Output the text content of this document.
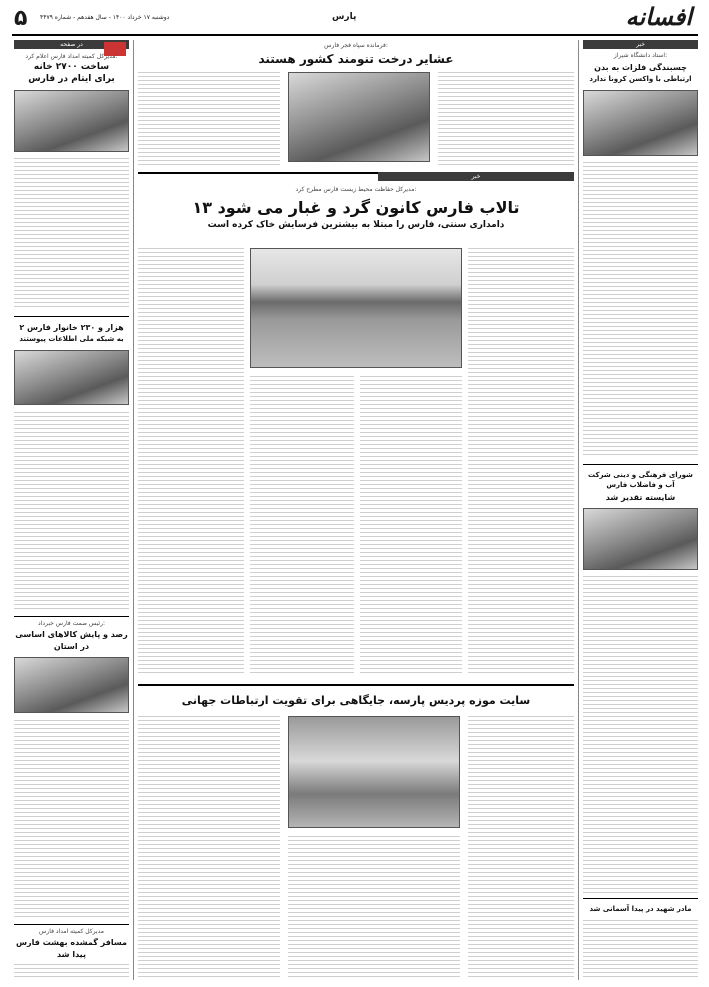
۵ دوشنبه ۱۷ خرداد ۱۴۰۰ - سال هفدهم - شماره ۴۴۷۹	پارس	افسانه
در صفحه
مدیرکل کمیته امداد فارس اعلام کرد:
ساخت ۲۷۰۰ خانه
برای ایتام در فارس
۲ هزار و ۲۳۰ خانوار فارس
به شبکه ملی اطلاعات پیوستند
رئیس صمت فارس خبرداد:
رصد و پایش کالاهای اساسی
در استان
مدیرکل کمیته امداد فارس
مسافر گمشده بهشت فارس
پیدا شد
فرمانده سپاه فجر فارس:
عشایر درخت تنومند کشور هستند
خبر
مدیرکل حفاظت محیط زیست فارس مطرح کرد:
۱۳ تالاب فارس کانون گرد و غبار می شود
دامداری سنتی، فارس را مبتلا به بیشترین فرسایش خاک کرده است
سایت موزه پردیس پارسه، جایگاهی برای تقویت ارتباطات جهانی
خبر
استاد دانشگاه شیراز:
چسبندگی فلزات به بدن
ارتباطی با واکسن کرونا ندارد
شورای فرهنگی و دینی شرکت آب و فاضلاب فارس
شایسته تقدیر شد
مادر شهید در پیدا آسمانی شد
